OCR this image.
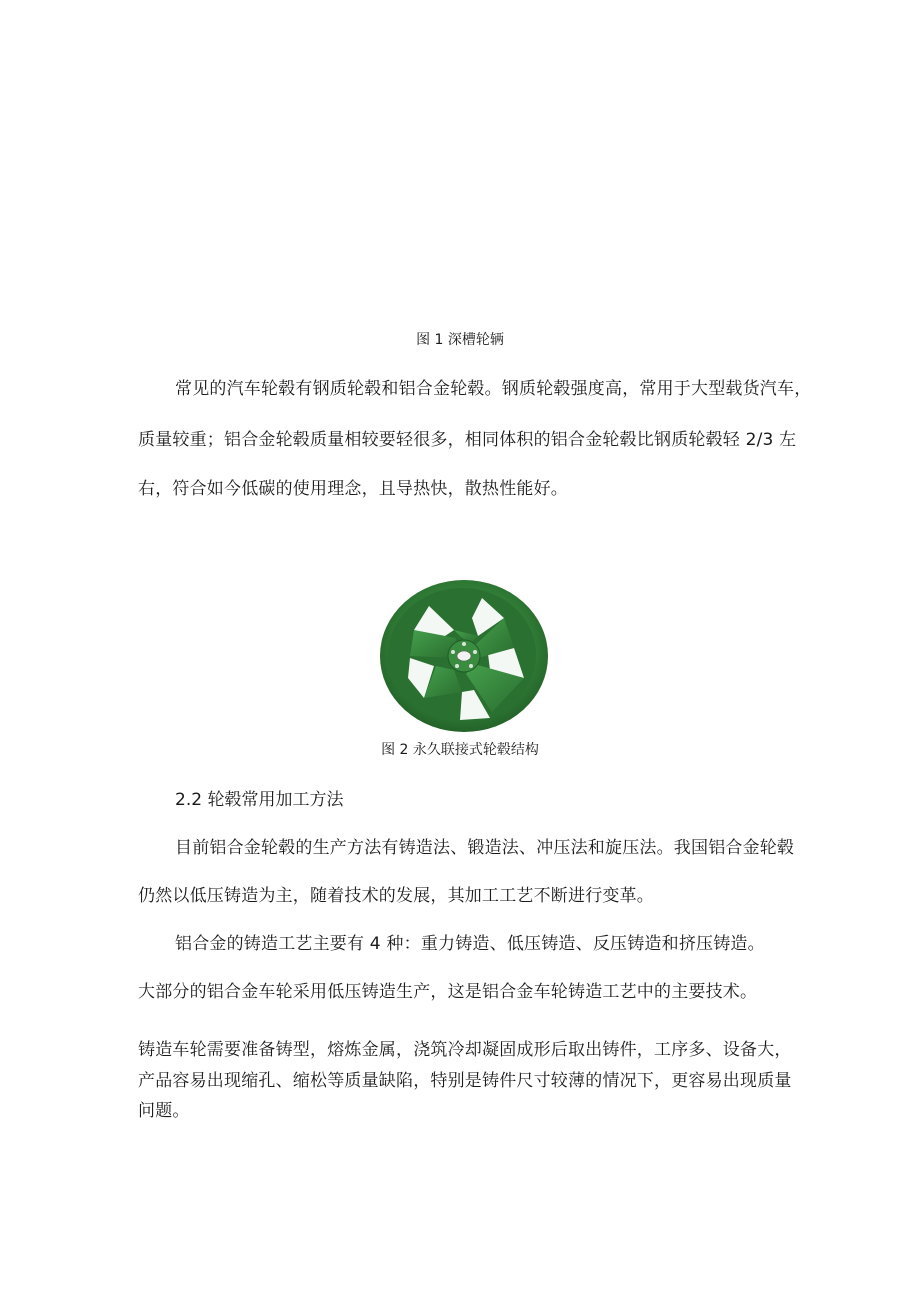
图 1 深槽轮辆

常见的汽车轮毂有钢质轮毂和铝合金轮毂。钢质轮毂强度高，常用于大型载货汽车，

质量较重；铝合金轮毂质量相较要轻很多，相同体积的铝合金轮毂比钢质轮毂轻 2/3 左

右，符合如今低碳的使用理念，且导热快，散热性能好。

图 2 永久联接式轮毂结构

2.2 轮毂常用加工方法

目前铝合金轮毂的生产方法有铸造法、锻造法、冲压法和旋压法。我国铝合金轮毂

仍然以低压铸造为主，随着技术的发展，其加工工艺不断进行变革。

铝合金的铸造工艺主要有 4 种：重力铸造、低压铸造、反压铸造和挤压铸造。

大部分的铝合金车轮采用低压铸造生产，这是铝合金车轮铸造工艺中的主要技术。

铸造车轮需要准备铸型，熔炼金属，浇筑冷却凝固成形后取出铸件，工序多、设备大，

产品容易出现缩孔、缩松等质量缺陷，特别是铸件尺寸较薄的情况下，更容易出现质量

问题。
